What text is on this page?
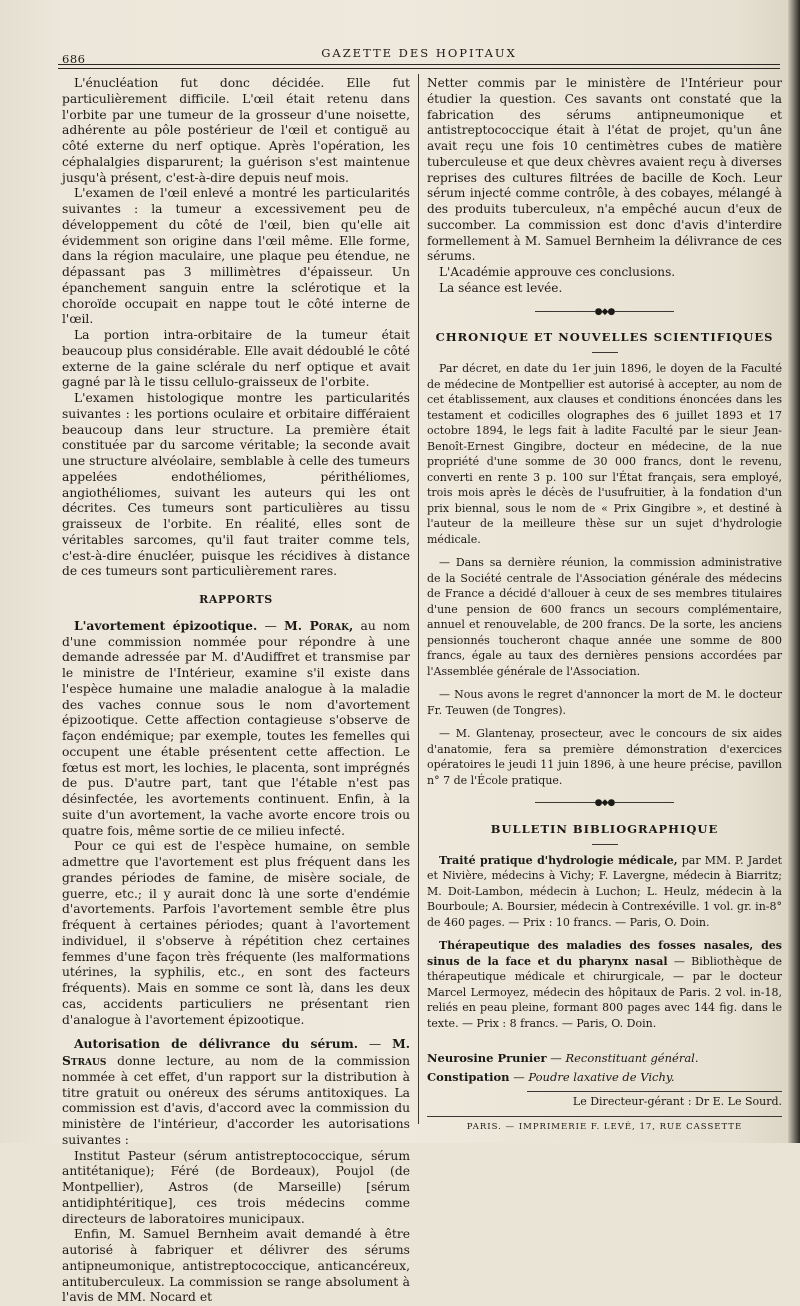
686	GAZETTE DES HOPITAUX

L'énucléation fut donc décidée. Elle fut particulièrement difficile. L'œil était retenu dans l'orbite par une tumeur de la grosseur d'une noisette, adhérente au pôle postérieur de l'œil et contiguë au côté externe du nerf optique. Après l'opération, les céphalalgies disparurent; la guérison s'est maintenue jusqu'à présent, c'est-à-dire depuis neuf mois.

L'examen de l'œil enlevé a montré les particularités suivantes : la tumeur a excessivement peu de développement du côté de l'œil, bien qu'elle ait évidemment son origine dans l'œil même. Elle forme, dans la région maculaire, une plaque peu étendue, ne dépassant pas 3 millimètres d'épaisseur. Un épanchement sanguin entre la sclérotique et la choroïde occupait en nappe tout le côté interne de l'œil.

La portion intra-orbitaire de la tumeur était beaucoup plus considérable. Elle avait dédoublé le côté externe de la gaine sclérale du nerf optique et avait gagné par là le tissu cellulo-graisseux de l'orbite.

L'examen histologique montre les particularités suivantes : les portions oculaire et orbitaire différaient beaucoup dans leur structure. La première était constituée par du sarcome véritable; la seconde avait une structure alvéolaire, semblable à celle des tumeurs appelées endothéliomes, périthéliomes, angiothéliomes, suivant les auteurs qui les ont décrites. Ces tumeurs sont particulières au tissu graisseux de l'orbite. En réalité, elles sont de véritables sarcomes, qu'il faut traiter comme tels, c'est-à-dire énucléer, puisque les récidives à distance de ces tumeurs sont particulièrement rares.

RAPPORTS

L'avortement épizootique. — M. Porak, au nom d'une commission nommée pour répondre à une demande adressée par M. d'Audiffret et transmise par le ministre de l'Intérieur, examine s'il existe dans l'espèce humaine une maladie analogue à la maladie des vaches connue sous le nom d'avortement épizootique. Cette affection contagieuse s'observe de façon endémique; par exemple, toutes les femelles qui occupent une étable présentent cette affection. Le fœtus est mort, les lochies, le placenta, sont imprégnés de pus. D'autre part, tant que l'étable n'est pas désinfectée, les avortements continuent. Enfin, à la suite d'un avortement, la vache avorte encore trois ou quatre fois, même sortie de ce milieu infecté.

Pour ce qui est de l'espèce humaine, on semble admettre que l'avortement est plus fréquent dans les grandes périodes de famine, de misère sociale, de guerre, etc.; il y aurait donc là une sorte d'endémie d'avortements. Parfois l'avortement semble être plus fréquent à certaines périodes; quant à l'avortement individuel, il s'observe à répétition chez certaines femmes d'une façon très fréquente (les malformations utérines, la syphilis, etc., en sont des facteurs fréquents). Mais en somme ce sont là, dans les deux cas, accidents particuliers ne présentant rien d'analogue à l'avortement épizootique.

Autorisation de délivrance du sérum. — M. Straus donne lecture, au nom de la commission nommée à cet effet, d'un rapport sur la distribution à titre gratuit ou onéreux des sérums antitoxiques. La commission est d'avis, d'accord avec la commission du ministère de l'intérieur, d'accorder les autorisations suivantes :

Institut Pasteur (sérum antistreptococcique, sérum antitétanique); Féré (de Bordeaux), Poujol (de Montpellier), Astros (de Marseille) [sérum antidiphtéritique], ces trois médecins comme directeurs de laboratoires municipaux.

Enfin, M. Samuel Bernheim avait demandé à être autorisé à fabriquer et délivrer des sérums antipneumonique, antistreptococcique, anticancéreux, antituberculeux. La commission se range absolument à l'avis de MM. Nocard et

Netter commis par le ministère de l'Intérieur pour étudier la question. Ces savants ont constaté que la fabrication des sérums antipneumonique et antistreptococcique était à l'état de projet, qu'un âne avait reçu une fois 10 centimètres cubes de matière tuberculeuse et que deux chèvres avaient reçu à diverses reprises des cultures filtrées de bacille de Koch. Leur sérum injecté comme contrôle, à des cobayes, mélangé à des produits tuberculeux, n'a empêché aucun d'eux de succomber. La commission est donc d'avis d'interdire formellement à M. Samuel Bernheim la délivrance de ces sérums.

L'Académie approuve ces conclusions.

La séance est levée.

●◆●
CHRONIQUE ET NOUVELLES SCIENTIFIQUES

Par décret, en date du 1er juin 1896, le doyen de la Faculté de médecine de Montpellier est autorisé à accepter, au nom de cet établissement, aux clauses et conditions énoncées dans les testament et codicilles olographes des 6 juillet 1893 et 17 octobre 1894, le legs fait à ladite Faculté par le sieur Jean-Benoît-Ernest Gingibre, docteur en médecine, de la nue propriété d'une somme de 30 000 francs, dont le revenu, converti en rente 3 p. 100 sur l'État français, sera employé, trois mois après le décès de l'usufruitier, à la fondation d'un prix biennal, sous le nom de « Prix Gingibre », et destiné à l'auteur de la meilleure thèse sur un sujet d'hydrologie médicale.

— Dans sa dernière réunion, la commission administrative de la Société centrale de l'Association générale des médecins de France a décidé d'allouer à ceux de ses membres titulaires d'une pension de 600 francs un secours complémentaire, annuel et renouvelable, de 200 francs. De la sorte, les anciens pensionnés toucheront chaque année une somme de 800 francs, égale au taux des dernières pensions accordées par l'Assemblée générale de l'Association.

— Nous avons le regret d'annoncer la mort de M. le docteur Fr. Teuwen (de Tongres).

— M. Glantenay, prosecteur, avec le concours de six aides d'anatomie, fera sa première démonstration d'exercices opératoires le jeudi 11 juin 1896, à une heure précise, pavillon n° 7 de l'École pratique.

●◆●
BULLETIN BIBLIOGRAPHIQUE

Traité pratique d'hydrologie médicale, par MM. P. Jardet et Nivière, médecins à Vichy; F. Lavergne, médecin à Biarritz; M. Doit-Lambon, médecin à Luchon; L. Heulz, médecin à la Bourboule; A. Boursier, médecin à Contrexéville. 1 vol. gr. in-8° de 460 pages. — Prix : 10 francs. — Paris, O. Doin.

Thérapeutique des maladies des fosses nasales, des sinus de la face et du pharynx nasal — Bibliothèque de thérapeutique médicale et chirurgicale, — par le docteur Marcel Lermoyez, médecin des hôpitaux de Paris. 2 vol. in-18, reliés en peau pleine, formant 800 pages avec 144 fig. dans le texte. — Prix : 8 francs. — Paris, O. Doin.

Neurosine Prunier — Reconstituant général.
Constipation — Poudre laxative de Vichy.
Le Directeur-gérant : Dr E. Le Sourd.
PARIS. — IMPRIMERIE F. LEVÉ, 17, RUE CASSETTE
